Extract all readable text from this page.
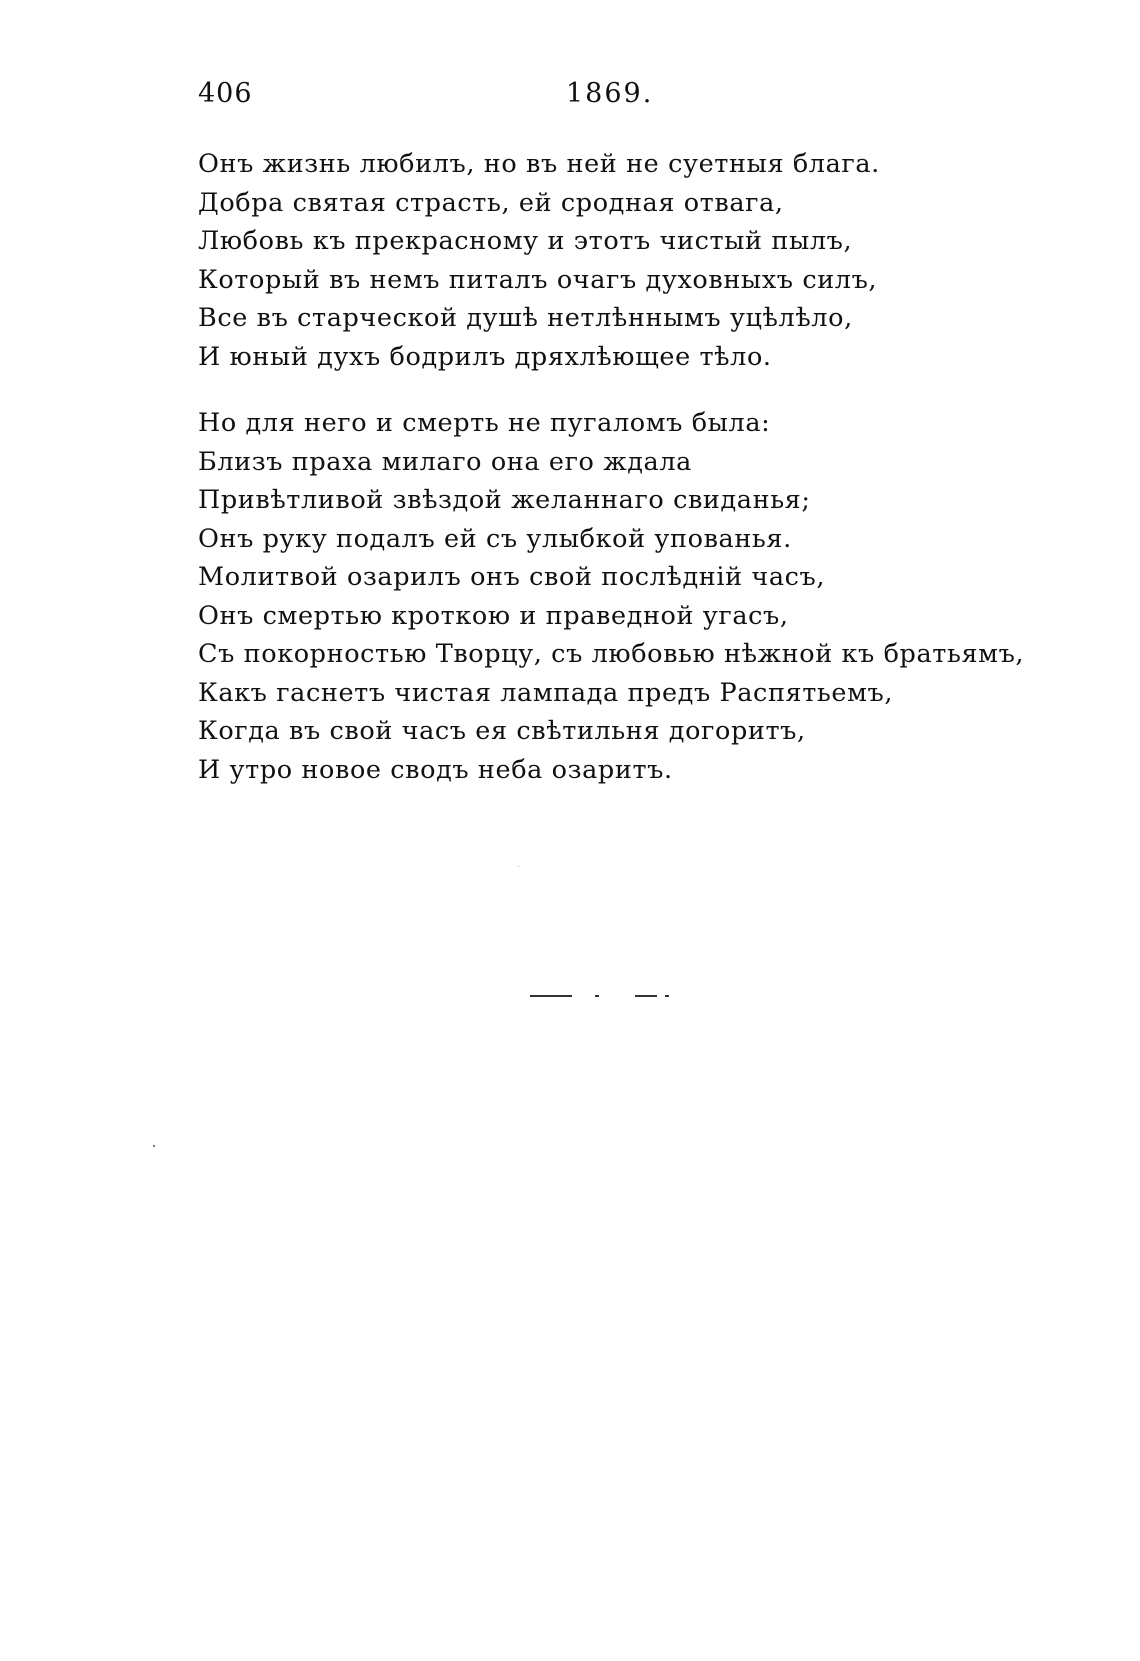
406	1869.
Онъ жизнь любилъ, но въ ней не суетныя блага.
Добра святая страсть, ей сродная отвага,
Любовь къ прекрасному и этотъ чистый пылъ,
Который въ немъ питалъ очагъ духовныхъ силъ,
Все въ старческой душѣ нетлѣннымъ уцѣлѣло,
И юный духъ бодрилъ дряхлѣющее тѣло.
Но для него и смерть не пугаломъ была:
Близъ праха милаго она его ждала
Привѣтливой звѣздой желаннаго свиданья;
Онъ руку подалъ ей съ улыбкой упованья.
Молитвой озарилъ онъ свой послѣдній часъ,
Онъ смертью кроткою и праведной угасъ,
Съ покорностью Творцу, съ любовью нѣжной къ братьямъ,
Какъ гаснетъ чистая лампада предъ Распятьемъ,
Когда въ свой часъ ея свѣтильня догоритъ,
И утро новое сводъ неба озаритъ.
